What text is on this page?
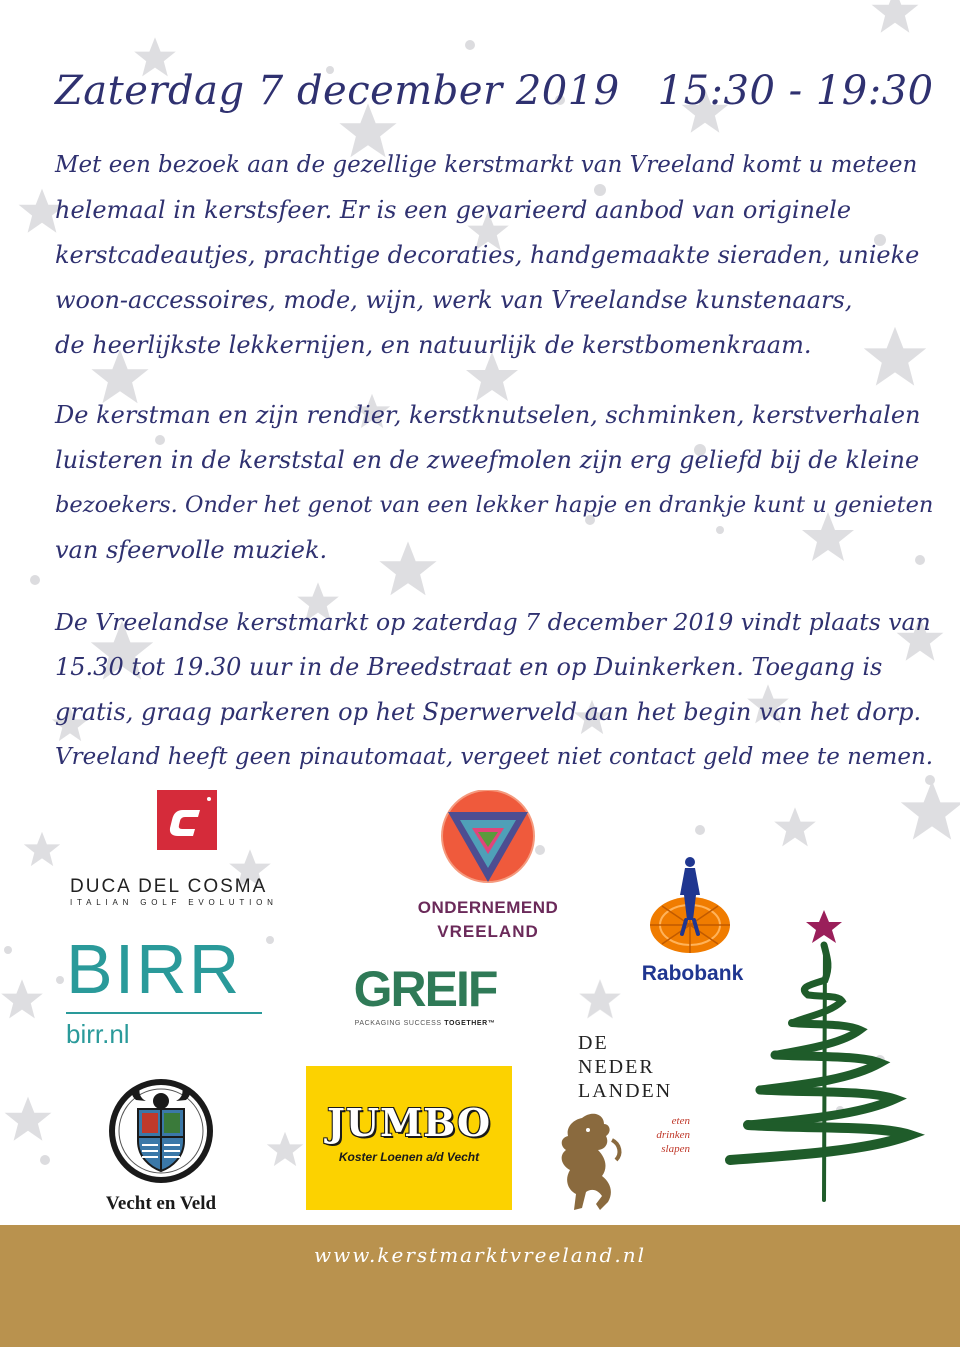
Zaterdag 7 december 2019 15:30 - 19:30
Met een bezoek aan de gezellige kerstmarkt van Vreeland komt u meteen
helemaal in kerstsfeer. Er is een gevarieerd aanbod van originele
kerstcadeautjes, prachtige decoraties, handgemaakte sieraden, unieke
woon-accessoires, mode, wijn, werk van Vreelandse kunstenaars,
de heerlijkste lekkernijen, en natuurlijk de kerstbomenkraam.
De kerstman en zijn rendier, kerstknutselen, schminken, kerstverhalen
luisteren in de kerststal en de zweefmolen zijn erg geliefd bij de kleine
bezoekers. Onder het genot van een lekker hapje en drankje kunt u genieten
van sfeervolle muziek.
De Vreelandse kerstmarkt op zaterdag 7 december 2019 vindt plaats van
15.30 tot 19.30 uur in de Breedstraat en op Duinkerken. Toegang is
gratis, graag parkeren op het Sperwerveld aan het begin van het dorp.
Vreeland heeft geen pinautomaat, vergeet niet contact geld mee te nemen.
DUCA DEL COSMA
ITALIAN GOLF EVOLUTION	ONDERNEMEND
VREELAND
Rabobank
BIRR
birr.nl
GREIF
PACKAGING SUCCESS TOGETHER™
DE
NEDER
LANDEN
eten
drinken
slapen
Vecht en Veld
JUMBO
Koster Loenen a/d Vecht
www.kerstmarktvreeland.nl
